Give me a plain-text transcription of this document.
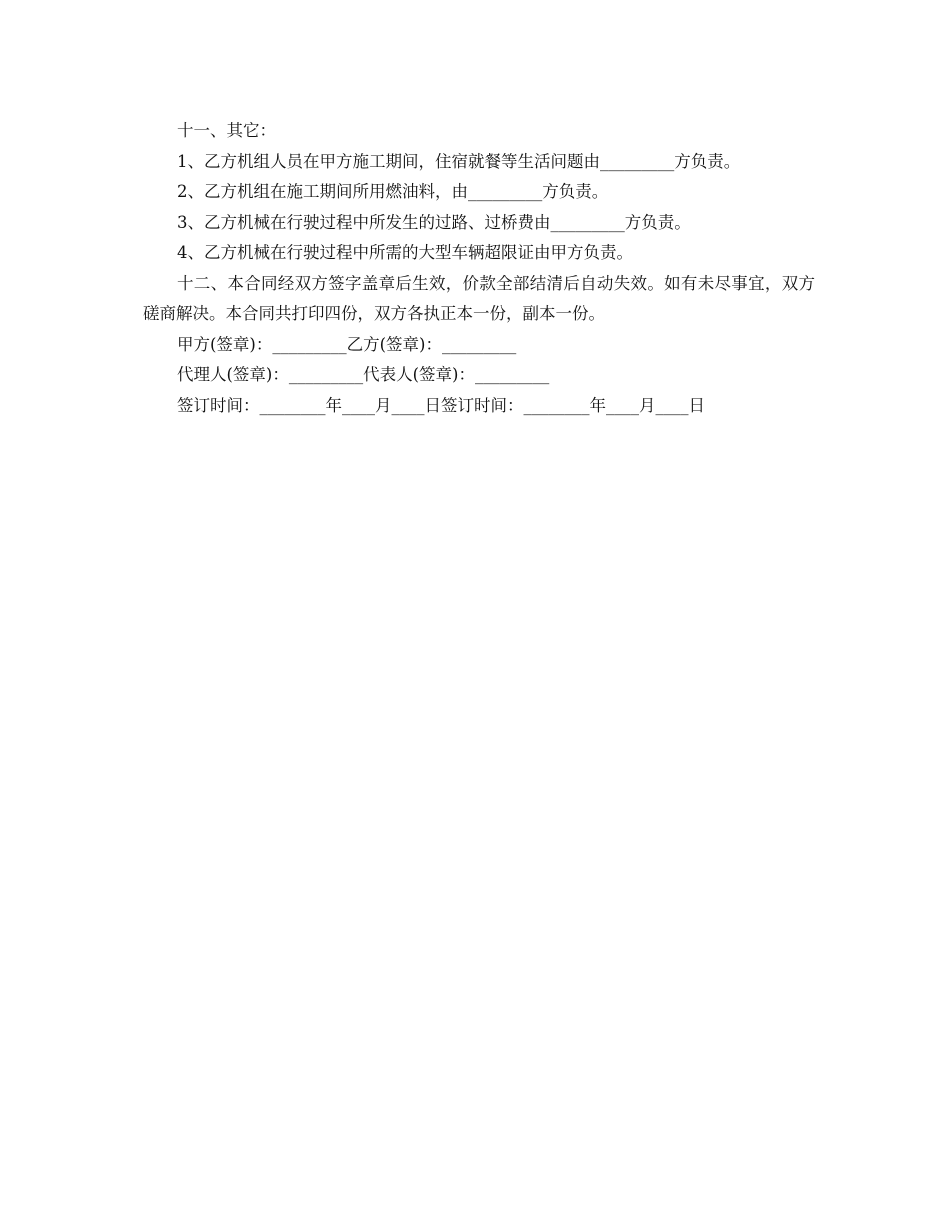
十一、其它：

1、乙方机组人员在甲方施工期间，住宿就餐等生活问题由_________方负责。

2、乙方机组在施工期间所用燃油料，由_________方负责。

3、乙方机械在行驶过程中所发生的过路、过桥费由_________方负责。

4、乙方机械在行驶过程中所需的大型车辆超限证由甲方负责。

十二、本合同经双方签字盖章后生效，价款全部结清后自动失效。如有未尽事宜，双方磋商解决。本合同共打印四份，双方各执正本一份，副本一份。

甲方(签章)：_________乙方(签章)：_________

代理人(签章)：_________代表人(签章)：_________

签订时间：________年____月____日签订时间：________年____月____日
